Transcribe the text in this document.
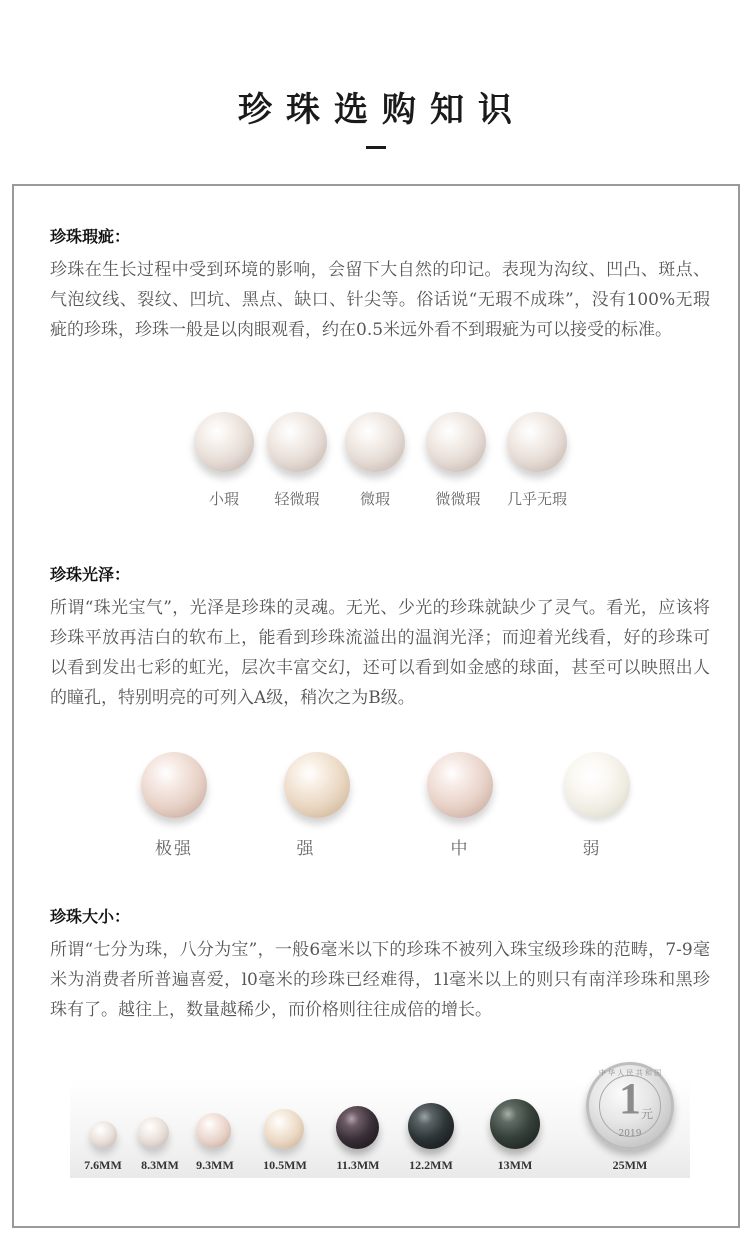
珍珠选购知识
珍珠瑕疵：
珍珠在生长过程中受到环境的影响，会留下大自然的印记。表现为沟纹、凹凸、斑点、气泡纹线、裂纹、凹坑、黑点、缺口、针尖等。俗话说“无瑕不成珠”，没有100%无瑕疵的珍珠，珍珠一般是以肉眼观看，约在0.5米远外看不到瑕疵为可以接受的标准。
小瑕	轻微瑕	微瑕	微微瑕	几乎无瑕
珍珠光泽：
所谓“珠光宝气”，光泽是珍珠的灵魂。无光、少光的珍珠就缺少了灵气。看光，应该将珍珠平放再洁白的软布上，能看到珍珠流溢出的温润光泽；而迎着光线看，好的珍珠可以看到发出七彩的虹光，层次丰富交幻，还可以看到如金感的球面，甚至可以映照出人的瞳孔，特别明亮的可列入A级，稍次之为B级。
极强	强	中	弱
珍珠大小：
所谓“七分为珠，八分为宝”，一般6毫米以下的珍珠不被列入珠宝级珍珠的范畴，7-9毫米为消费者所普遍喜爱，l0毫米的珍珠已经难得，1l毫米以上的则只有南洋珍珠和黑珍珠有了。越往上，数量越稀少，而价格则往往成倍的增长。
中 华 人 民 共 和 国
1 元
2019
7.6MM	8.3MM	9.3MM	10.5MM	11.3MM	12.2MM	13MM	25MM
